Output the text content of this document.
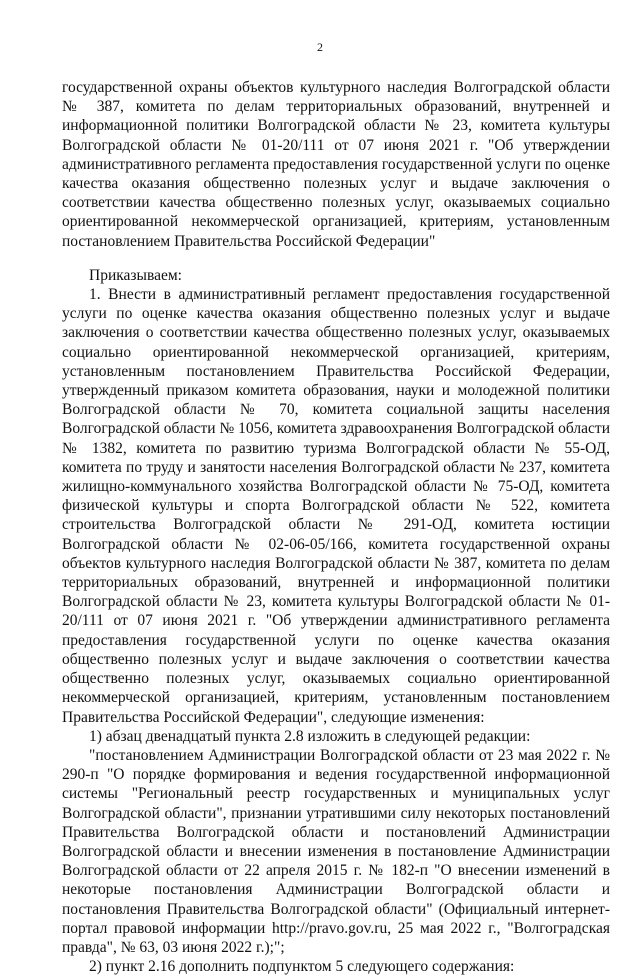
2

государственной охраны объектов культурного наследия Волгоградской области № 387, комитета по делам территориальных образований, внутренней и информационной политики Волгоградской области № 23, комитета культуры Волгоградской области № 01-20/111 от 07 июня 2021 г. "Об утверждении административного регламента предоставления государственной услуги по оценке качества оказания общественно полезных услуг и выдаче заключения о соответствии качества общественно полезных услуг, оказываемых социально ориентированной некоммерческой организацией, критериям, установленным постановлением Правительства Российской Федерации"

Приказываем:

1. Внести в административный регламент предоставления государственной услуги по оценке качества оказания общественно полезных услуг и выдаче заключения о соответствии качества общественно полезных услуг, оказываемых социально ориентированной некоммерческой организацией, критериям, установленным постановлением Правительства Российской Федерации, утвержденный приказом комитета образования, науки и молодежной политики Волгоградской области № 70, комитета социальной защиты населения Волгоградской области № 1056, комитета здравоохранения Волгоградской области № 1382, комитета по развитию туризма Волгоградской области № 55-ОД, комитета по труду и занятости населения Волгоградской области № 237, комитета жилищно-коммунального хозяйства Волгоградской области № 75-ОД, комитета физической культуры и спорта Волгоградской области № 522, комитета строительства Волгоградской области № 291-ОД, комитета юстиции Волгоградской области № 02-06-05/166, комитета государственной охраны объектов культурного наследия Волгоградской области № 387, комитета по делам территориальных образований, внутренней и информационной политики Волгоградской области № 23, комитета культуры Волгоградской области № 01-20/111 от 07 июня 2021 г. "Об утверждении административного регламента предоставления государственной услуги по оценке качества оказания общественно полезных услуг и выдаче заключения о соответствии качества общественно полезных услуг, оказываемых социально ориентированной некоммерческой организацией, критериям, установленным постановлением Правительства Российской Федерации", следующие изменения:

1) абзац двенадцатый пункта 2.8 изложить в следующей редакции:

"постановлением Администрации Волгоградской области от 23 мая 2022 г. № 290-п "О порядке формирования и ведения государственной информационной системы "Региональный реестр государственных и муниципальных услуг Волгоградской области", признании утратившими силу некоторых постановлений Правительства Волгоградской области и постановлений Администрации Волгоградской области и внесении изменения в постановление Администрации Волгоградской области от 22 апреля 2015 г. № 182-п "О внесении изменений в некоторые постановления Администрации Волгоградской области и постановления Правительства Волгоградской области" (Официальный интернет-портал правовой информации http://pravo.gov.ru, 25 мая 2022 г., "Волгоградская правда", № 63, 03 июня 2022 г.);";

2) пункт 2.16 дополнить подпунктом 5 следующего содержания:
